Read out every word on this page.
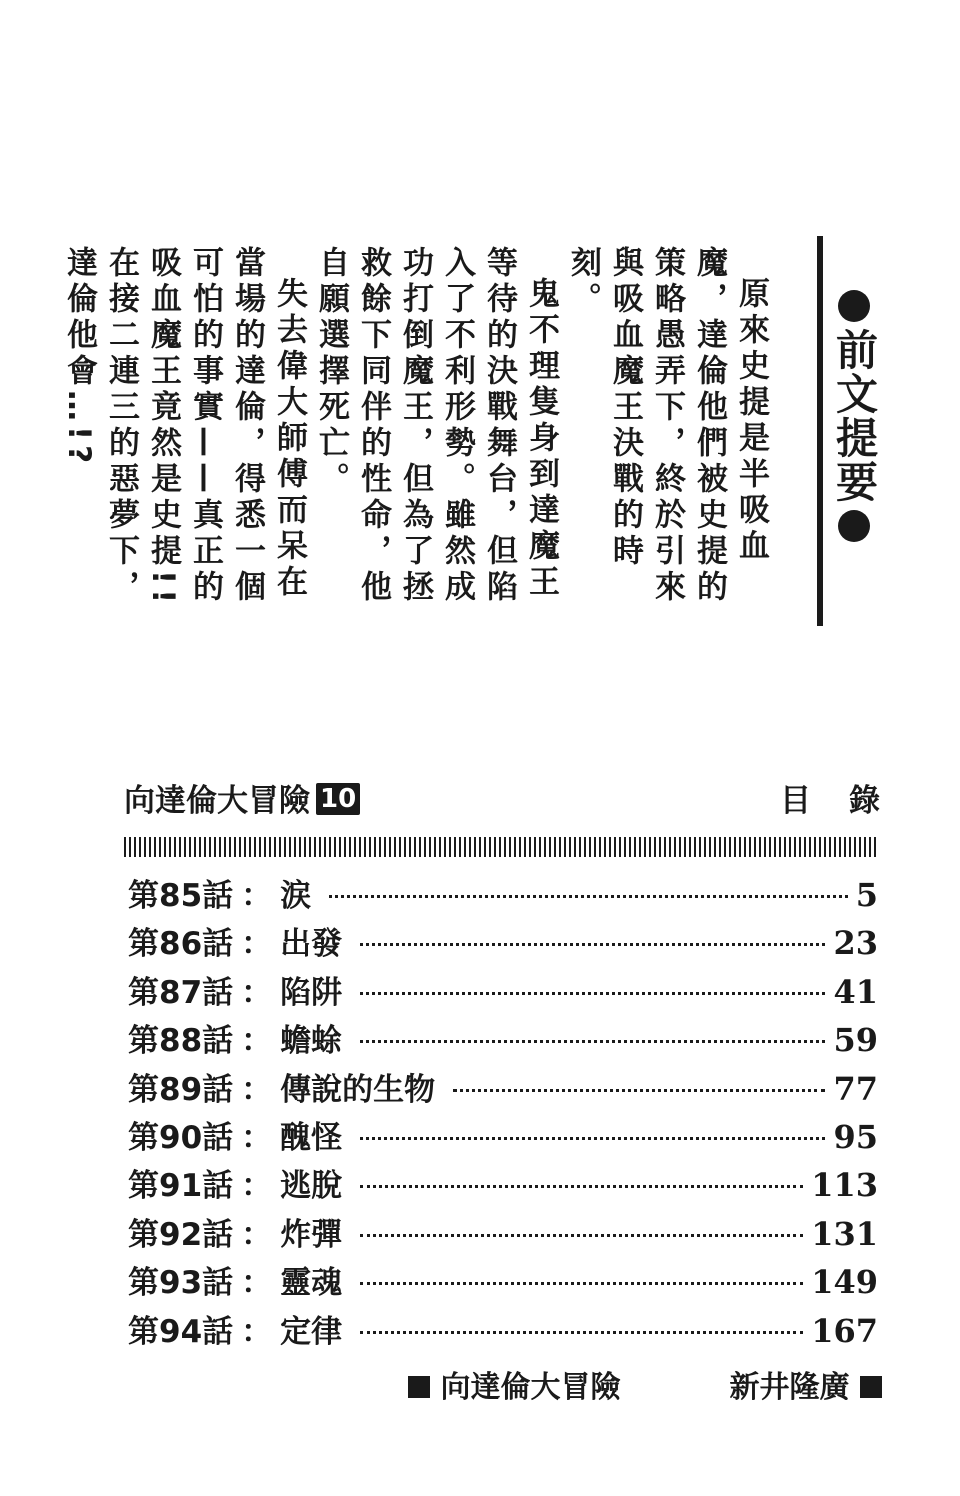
前文提要

原來史提是半吸血魔，達倫他們被史提的策略愚弄下，終於引來與吸血魔王決戰的時刻。

鬼不理隻身到達魔王等待的決戰舞台，但陷入了不利形勢。雖然成功打倒魔王，但為了拯救餘下同伴的性命，他自願選擇死亡。

失去偉大師傅而呆在當場的達倫，得悉一個可怕的事實——真正的吸血魔王竟然是史提!!在接二連三的惡夢下，達倫他會…!?

向達倫大冒險 10	目錄
第85話 ： 涙	5
第86話 ： 出發	23
第87話 ： 陷阱	41
第88話 ： 蟾蜍	59
第89話 ： 傳說的生物	77
第90話 ： 醜怪	95
第91話 ： 逃脫	113
第92話 ： 炸彈	131
第93話 ： 靈魂	149
第94話 ： 定律	167
向達倫大冒險	新井隆廣
